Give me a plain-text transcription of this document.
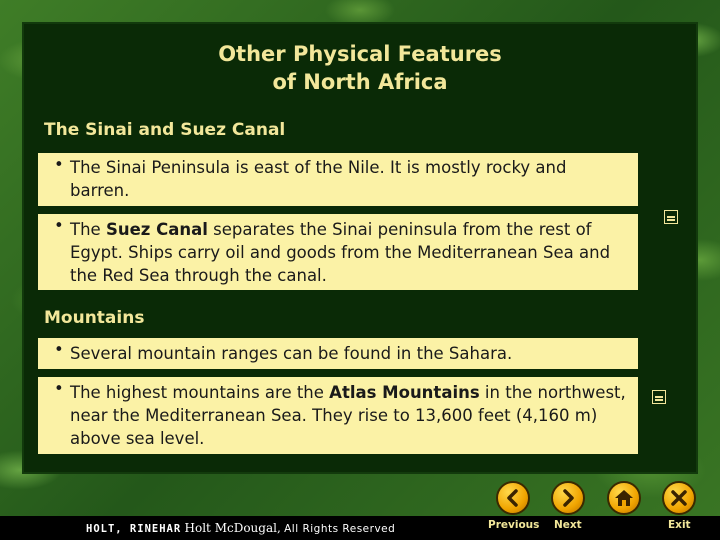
Other Physical Features
of North Africa
The Sinai and Suez Canal
• The Sinai Peninsula is east of the Nile. It is mostly rocky and barren.
• The Suez Canal separates the Sinai peninsula from the rest of Egypt. Ships carry oil and goods from the Mediterranean Sea and the Red Sea through the canal.
Mountains
• Several mountain ranges can be found in the Sahara.
• The highest mountains are the Atlas Mountains in the northwest, near the Mediterranean Sea. They rise to 13,600 feet (4,160 m) above sea level.
HOLT, RINEHAR Holt McDougal, All Rights Reserved	Previous Next	Exit
